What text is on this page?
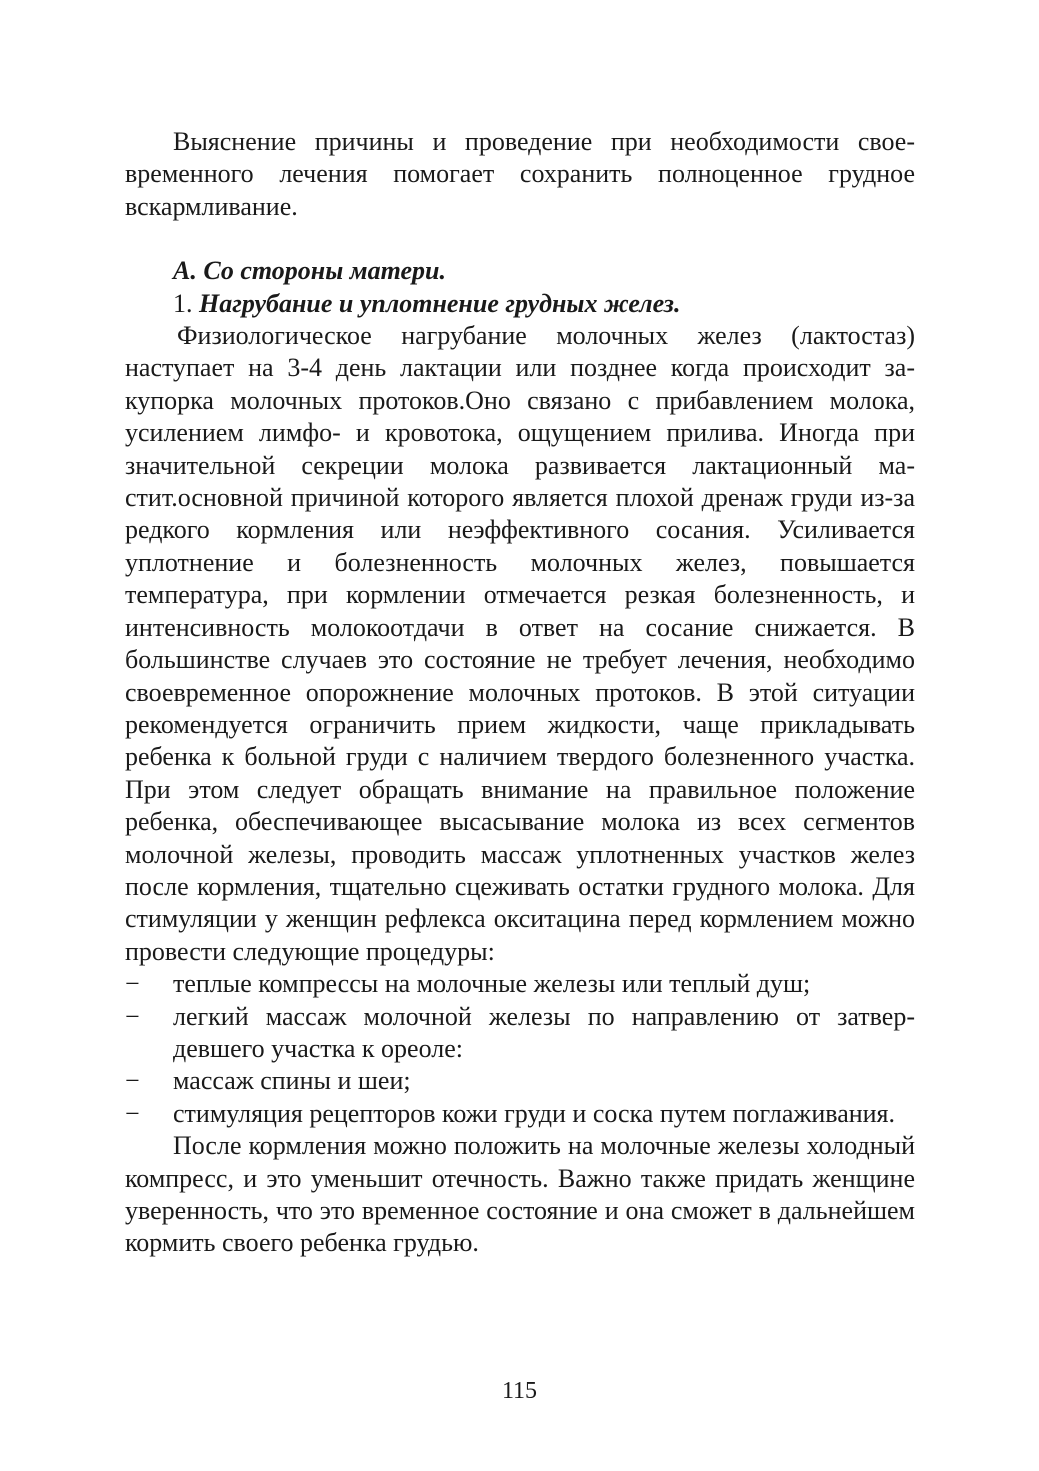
Выяснение причины и проведение при необходимости своевременного лечения помогает сохранить полноценное грудное вскармливание.

А. Со стороны матери.

1. Нагрубание и уплотнение грудных желез.

Физиологическое нагрубание молочных желез (лактостаз) наступает на 3-4 день лактации или позднее когда происходит закупорка молочных протоков.Оно связано с прибавлением молока, усилением лимфо- и кровотока, ощущением прилива. Иногда при значительной секреции молока развивается лактационный мастит.основной причиной которого является плохой дренаж груди из-за редкого кормления или неэффективного сосания. Усиливается уплотнение и болезненность молочных желез, повышается температура, при кормлении отмечается резкая болезненность, и интенсивность молокоотдачи в ответ на сосание снижается. В большинстве случаев это состояние не требует лечения, необходимо своевременное опорожнение молочных протоков. В этой ситуации рекомендуется ограничить прием жидкости, чаще прикладывать ребенка к больной груди с наличием твердого болезненного участка. При этом следует обращать внимание на правильное положение ребенка, обеспечивающее высасывание молока из всех сегментов молочной железы, проводить массаж уплотненных участков желез после кормления, тщательно сцеживать остатки грудного молока. Для стимуляции у женщин рефлекса окситацина перед кормлением можно провести следующие процедуры:

− теплые компрессы на молочные железы или теплый душ;
− легкий массаж молочной железы по направлению от затвердевшего участка к ореоле:
− массаж спины и шеи;
− стимуляция рецепторов кожи груди и соска путем поглаживания.

После кормления можно положить на молочные железы холодный компресс, и это уменьшит отечность. Важно также придать женщине уверенность, что это временное состояние и она сможет в дальнейшем кормить своего ребенка грудью.

115
